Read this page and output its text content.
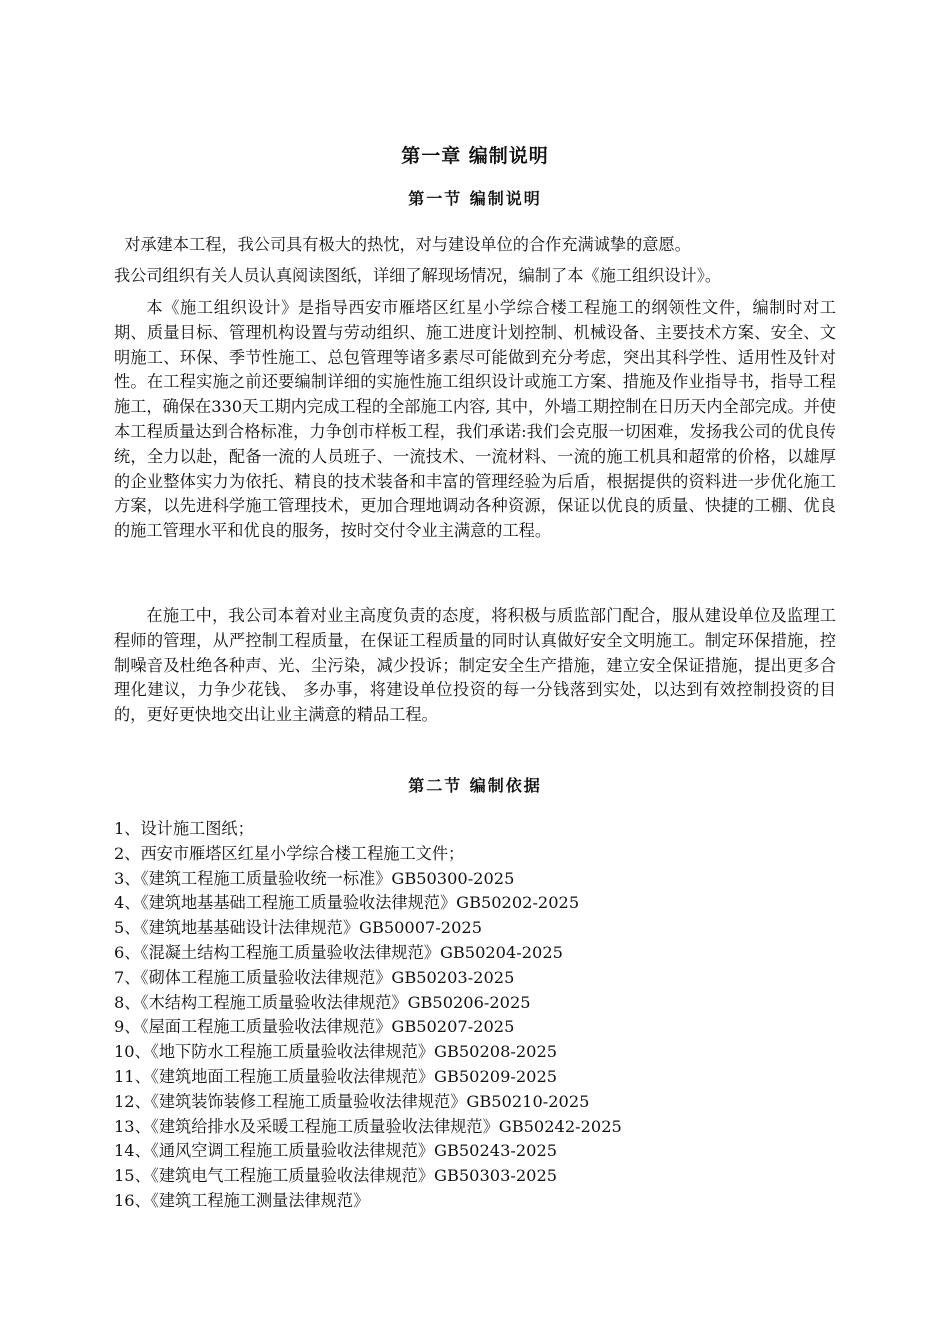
第一章 编制说明
第一节 编制说明
对承建本工程，我公司具有极大的热忱，对与建设单位的合作充满诚挚的意愿。
我公司组织有关人员认真阅读图纸，详细了解现场情况，编制了本《施工组织设计》。
本《施工组织设计》是指导西安市雁塔区红星小学综合楼工程施工的纲领性文件，编制时对工期、质量目标、管理机构设置与劳动组织、施工进度计划控制、机械设备、主要技术方案、安全、文明施工、环保、季节性施工、总包管理等诸多素尽可能做到充分考虑，突出其科学性、适用性及针对性。在工程实施之前还要编制详细的实施性施工组织设计或施工方案、措施及作业指导书，指导工程施工，确保在330天工期内完成工程的全部施工内容, 其中，外墙工期控制在日历天内全部完成。并使本工程质量达到合格标准，力争创市样板工程，我们承诺:我们会克服一切困难，发扬我公司的优良传统，全力以赴，配备一流的人员班子、一流技术、一流材料、一流的施工机具和超常的价格，以雄厚的企业整体实力为依托、精良的技术装备和丰富的管理经验为后盾，根据提供的资料进一步优化施工方案，以先进科学施工管理技术，更加合理地调动各种资源，保证以优良的质量、快捷的工棚、优良的施工管理水平和优良的服务，按时交付令业主满意的工程。
在施工中，我公司本着对业主高度负责的态度，将积极与质监部门配合，服从建设单位及监理工程师的管理，从严控制工程质量，在保证工程质量的同时认真做好安全文明施工。制定环保措施，控制噪音及杜绝各种声、光、尘污染，减少投诉；制定安全生产措施，建立安全保证措施，提出更多合理化建议，力争少花钱、 多办事，将建设单位投资的每一分钱落到实处，以达到有效控制投资的目的，更好更快地交出让业主满意的精品工程。
第二节 编制依据
1、设计施工图纸；
2、西安市雁塔区红星小学综合楼工程施工文件；
3、《建筑工程施工质量验收统一标准》GB50300-2025
4、《建筑地基基础工程施工质量验收法律规范》GB50202-2025
5、《建筑地基基础设计法律规范》GB50007-2025
6、《混凝土结构工程施工质量验收法律规范》GB50204-2025
7、《砌体工程施工质量验收法律规范》GB50203-2025
8、《木结构工程施工质量验收法律规范》GB50206-2025
9、《屋面工程施工质量验收法律规范》GB50207-2025
10、《地下防水工程施工质量验收法律规范》GB50208-2025
11、《建筑地面工程施工质量验收法律规范》GB50209-2025
12、《建筑装饰装修工程施工质量验收法律规范》GB50210-2025
13、《建筑给排水及采暖工程施工质量验收法律规范》GB50242-2025
14、《通风空调工程施工质量验收法律规范》GB50243-2025
15、《建筑电气工程施工质量验收法律规范》GB50303-2025
16、《建筑工程施工测量法律规范》
